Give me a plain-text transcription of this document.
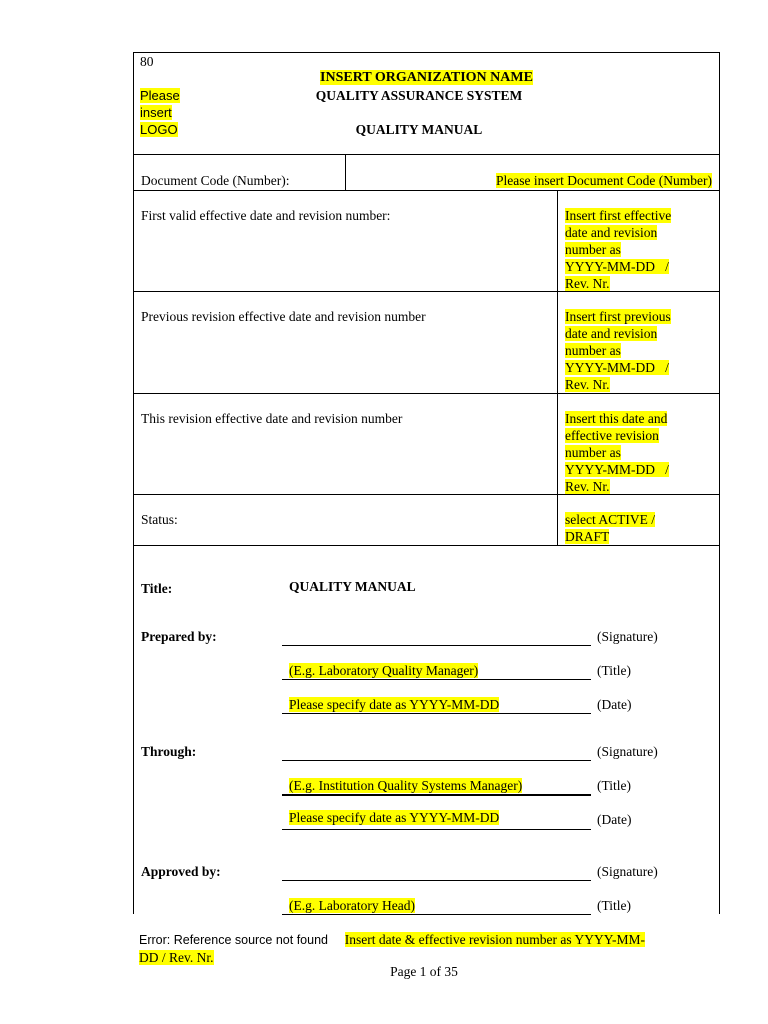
80
INSERT ORGANIZATION NAME
QUALITY ASSURANCE SYSTEM
Please
insert
LOGO	QUALITY MANUAL
Document Code (Number):	Please insert Document Code (Number)
First valid effective date and revision number:	Insert first effective
date and revision
number as
YYYY-MM-DD   /
Rev. Nr.
Previous revision effective date and revision number	Insert first previous
date and revision
number as
YYYY-MM-DD   /
Rev. Nr.
This revision effective date and revision number	Insert this date and
effective revision
number as
YYYY-MM-DD   /
Rev. Nr.
Status:	select ACTIVE /
DRAFT
Title:	QUALITY MANUAL
Prepared by:	(Signature)
(E.g. Laboratory Quality Manager)	(Title)
Please specify date as YYYY-MM-DD	(Date)
Through:	(Signature)
(E.g. Institution Quality Systems Manager)	(Title)
Please specify date as YYYY-MM-DD	(Date)
Approved by:	(Signature)
(E.g. Laboratory Head)	(Title)
Error: Reference source not found Insert date & effective revision number as YYYY-MM-
DD / Rev. Nr.
Page 1 of 35
